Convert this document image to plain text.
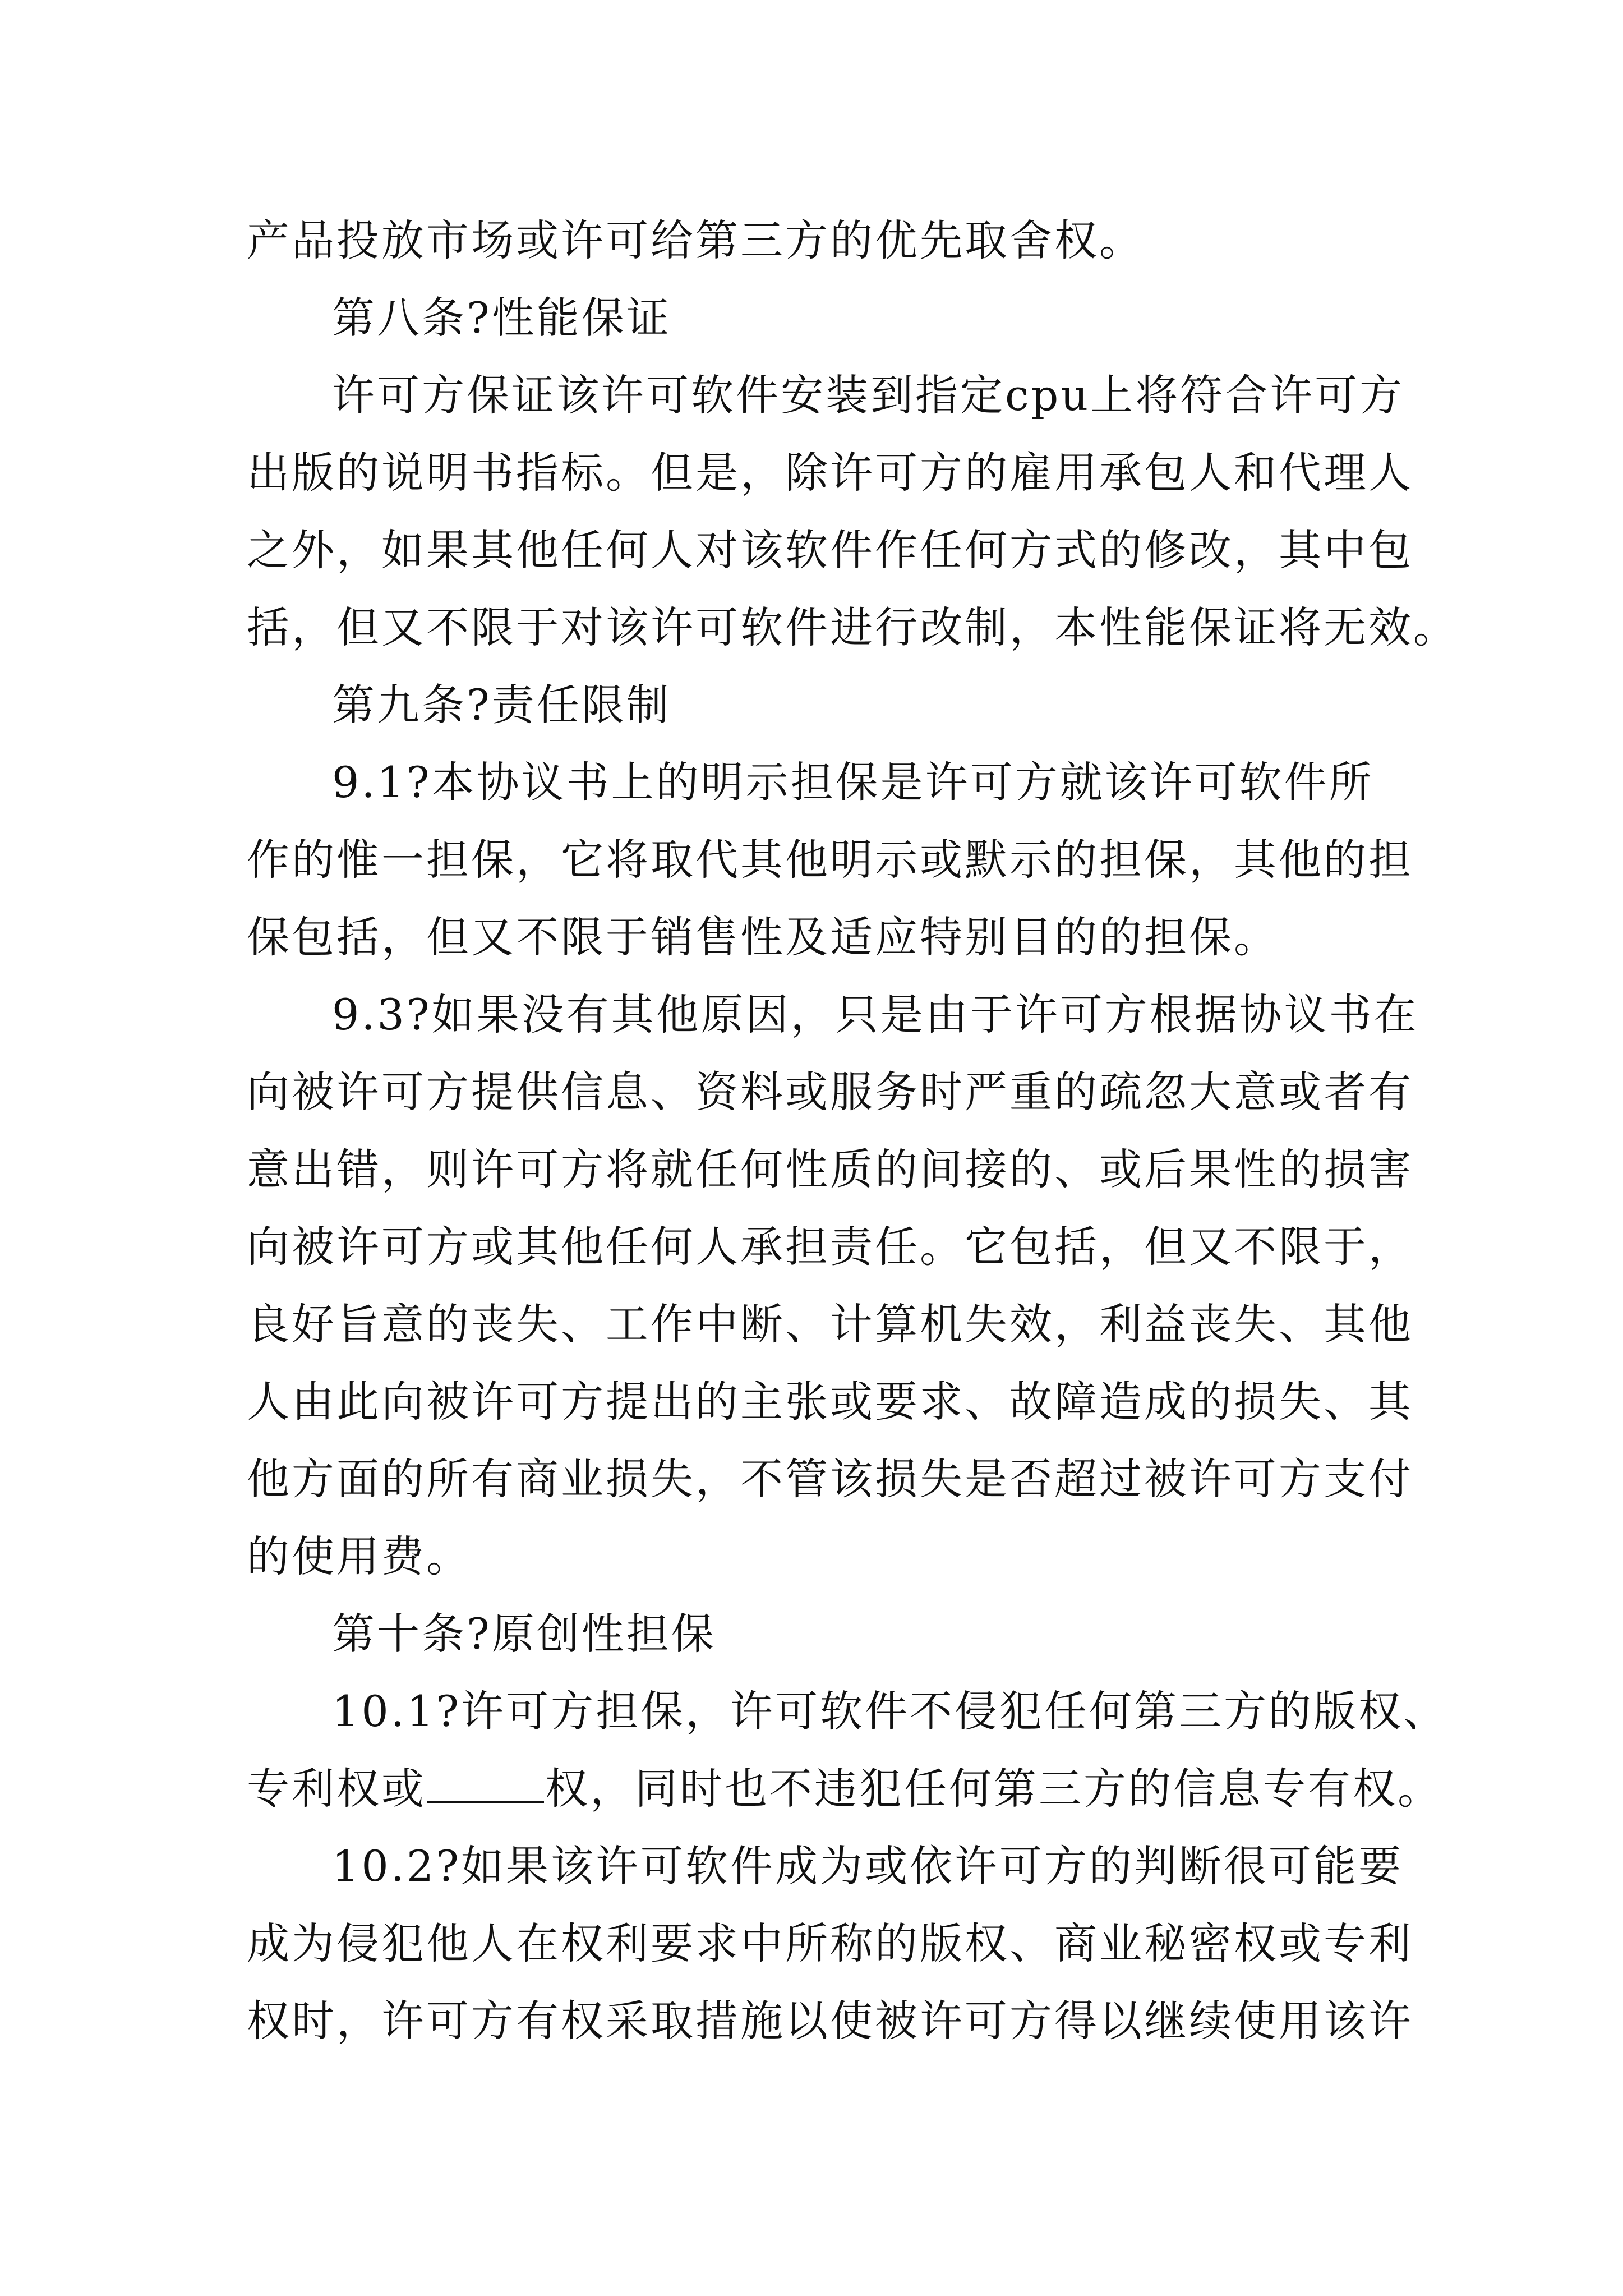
产品投放市场或许可给第三方的优先取舍权。
第八条?性能保证
许可方保证该许可软件安装到指定cpu上将符合许可方
出版的说明书指标。但是，除许可方的雇用承包人和代理人
之外，如果其他任何人对该软件作任何方式的修改，其中包
括，但又不限于对该许可软件进行改制，本性能保证将无效。
第九条?责任限制
9.1?本协议书上的明示担保是许可方就该许可软件所
作的惟一担保，它将取代其他明示或默示的担保，其他的担
保包括，但又不限于销售性及适应特别目的的担保。
9.3?如果没有其他原因，只是由于许可方根据协议书在
向被许可方提供信息、资料或服务时严重的疏忽大意或者有
意出错，则许可方将就任何性质的间接的、或后果性的损害
向被许可方或其他任何人承担责任。它包括，但又不限于，
良好旨意的丧失、工作中断、计算机失效，利益丧失、其他
人由此向被许可方提出的主张或要求、故障造成的损失、其
他方面的所有商业损失，不管该损失是否超过被许可方支付
的使用费。
第十条?原创性担保
10.1?许可方担保，许可软件不侵犯任何第三方的版权、
专利权或	权，同时也不违犯任何第三方的信息专有权。
10.2?如果该许可软件成为或依许可方的判断很可能要
成为侵犯他人在权利要求中所称的版权、商业秘密权或专利
权时，许可方有权采取措施以使被许可方得以继续使用该许
